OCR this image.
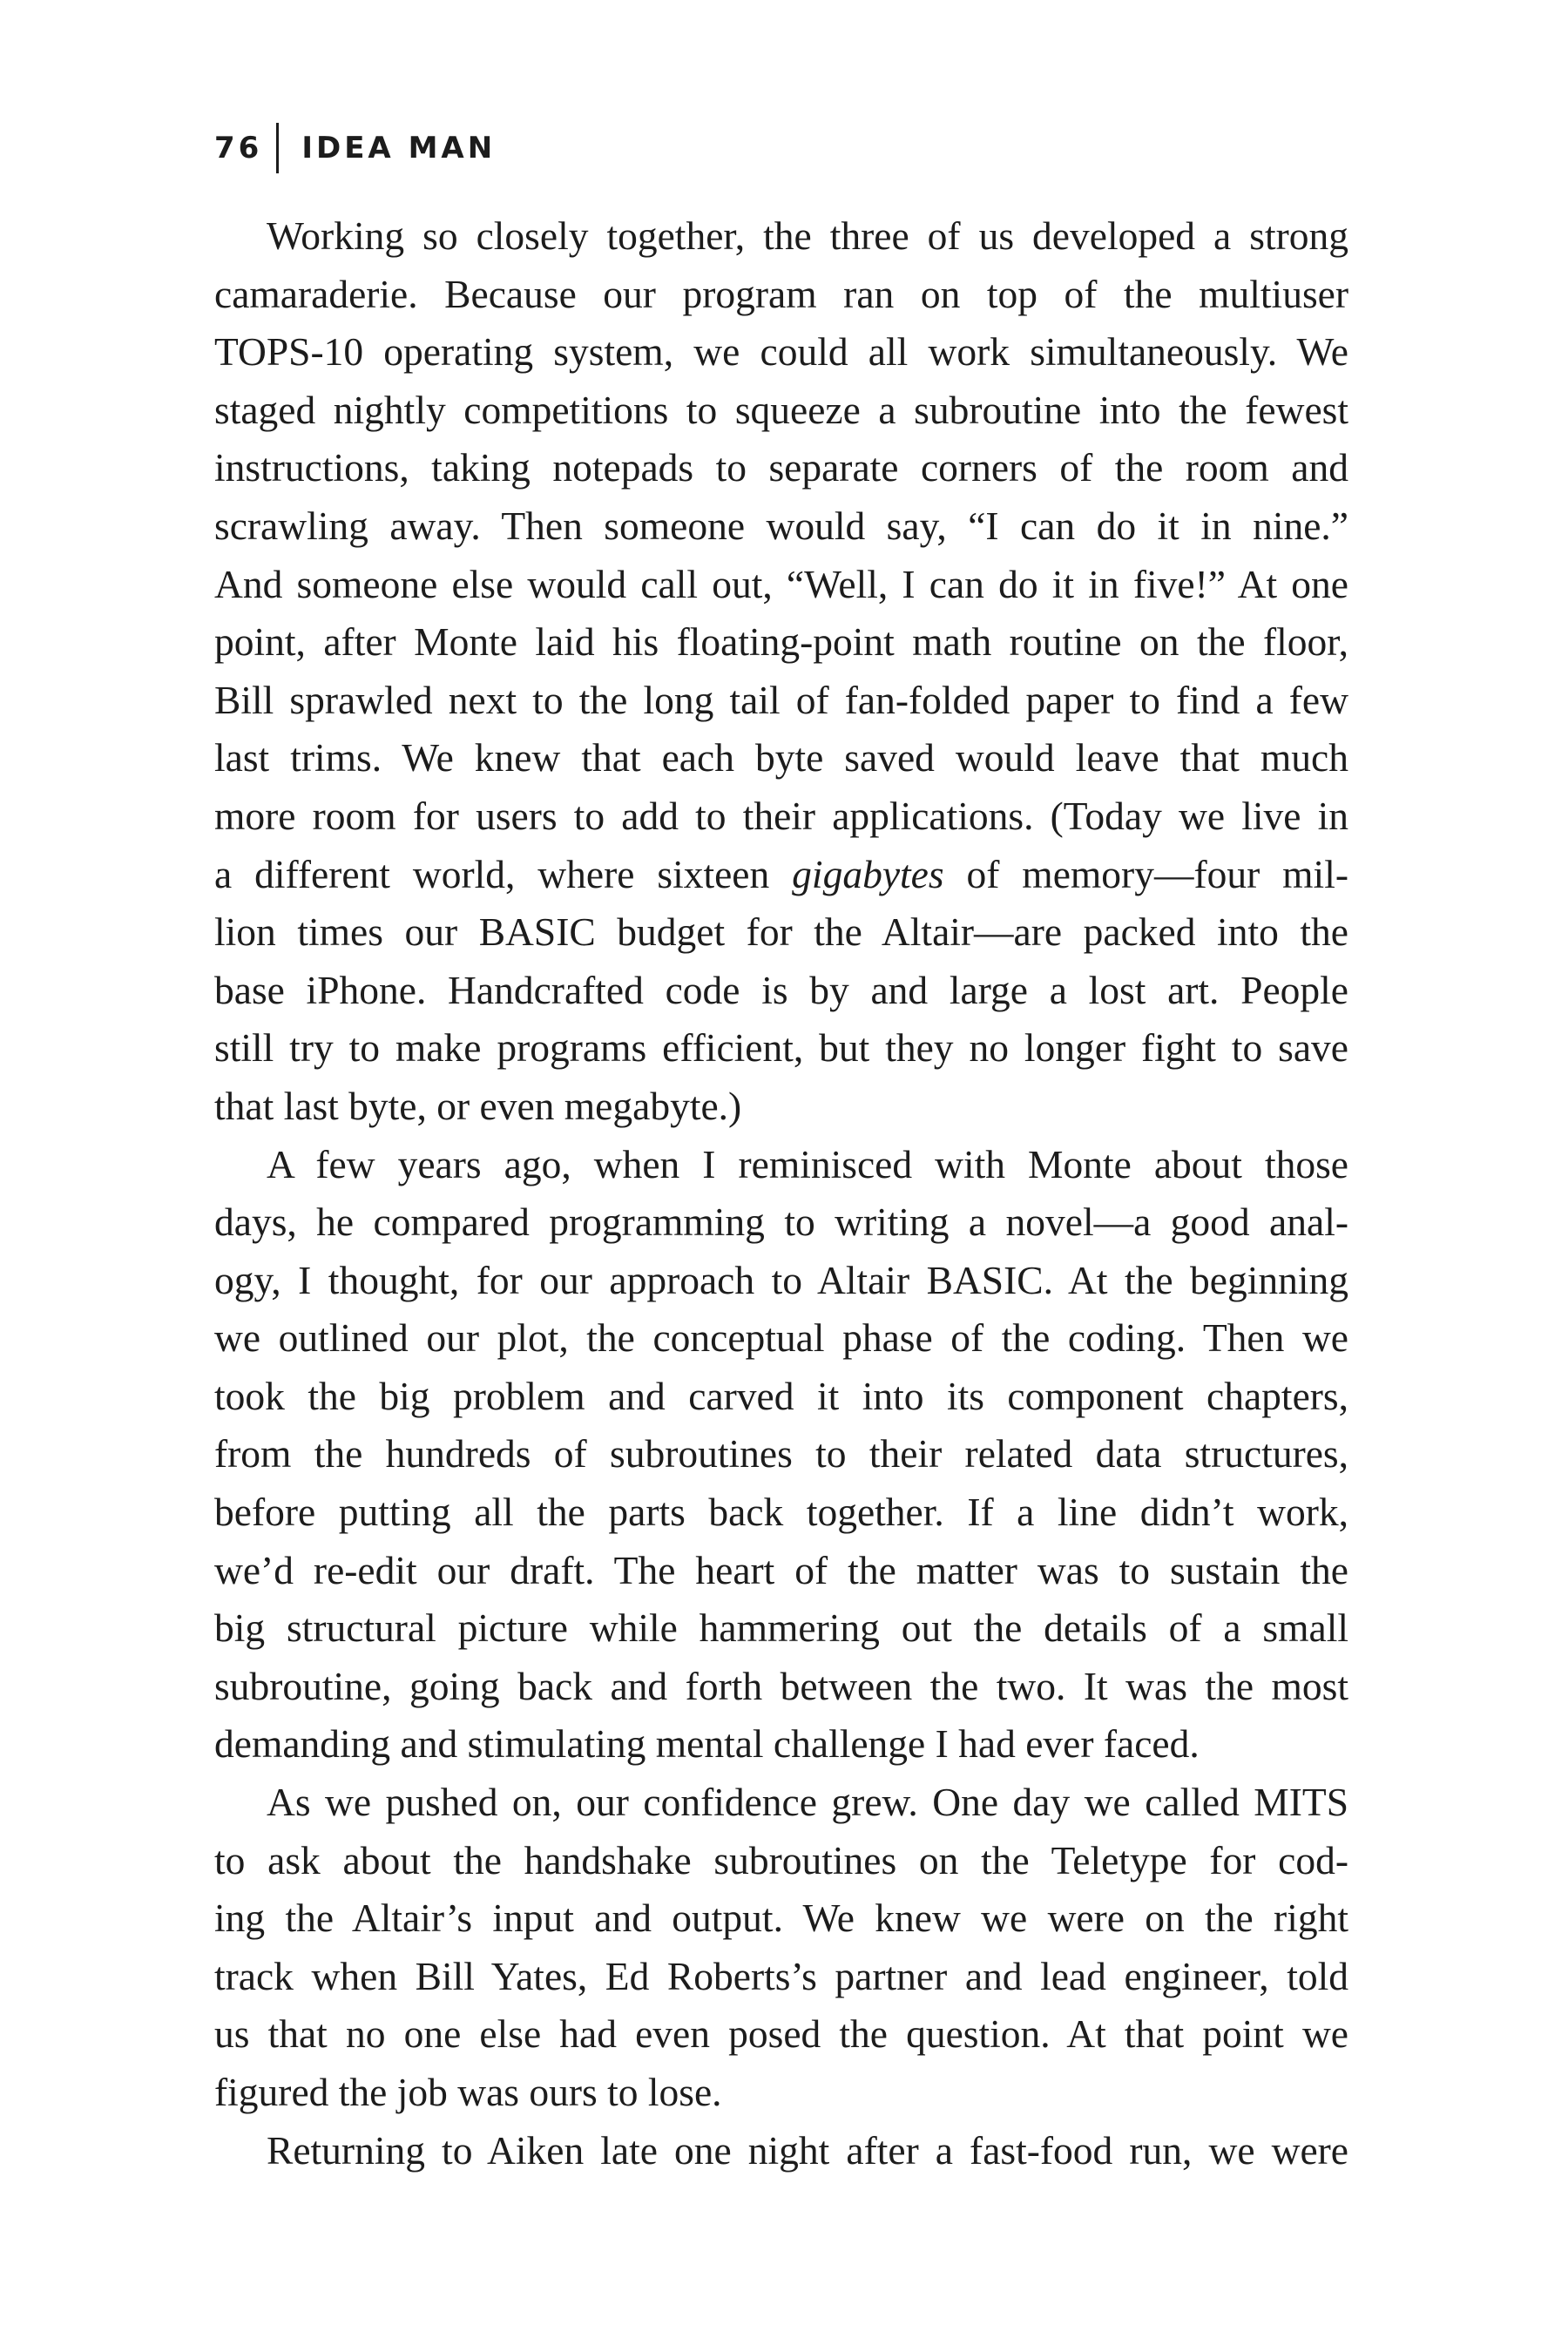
76 IDEA MAN
Working so closely together, the three of us developed a strong
camaraderie. Because our program ran on top of the multiuser
TOPS-10 operating system, we could all work simultaneously. We
staged nightly competitions to squeeze a subroutine into the fewest
instructions, taking notepads to separate corners of the room and
scrawling away. Then someone would say, “I can do it in nine.”
And someone else would call out, “Well, I can do it in five!” At one
point, after Monte laid his floating-point math routine on the floor,
Bill sprawled next to the long tail of fan-folded paper to find a few
last trims. We knew that each byte saved would leave that much
more room for users to add to their applications. (Today we live in
a different world, where sixteen gigabytes of memory—four mil-
lion times our BASIC budget for the Altair—are packed into the
base iPhone. Handcrafted code is by and large a lost art. People
still try to make programs efficient, but they no longer fight to save
that last byte, or even megabyte.)
A few years ago, when I reminisced with Monte about those
days, he compared programming to writing a novel—a good anal-
ogy, I thought, for our approach to Altair BASIC. At the beginning
we outlined our plot, the conceptual phase of the coding. Then we
took the big problem and carved it into its component chapters,
from the hundreds of subroutines to their related data structures,
before putting all the parts back together. If a line didn’t work,
we’d re-edit our draft. The heart of the matter was to sustain the
big structural picture while hammering out the details of a small
subroutine, going back and forth between the two. It was the most
demanding and stimulating mental challenge I had ever faced.
As we pushed on, our confidence grew. One day we called MITS
to ask about the handshake subroutines on the Teletype for cod-
ing the Altair’s input and output. We knew we were on the right
track when Bill Yates, Ed Roberts’s partner and lead engineer, told
us that no one else had even posed the question. At that point we
figured the job was ours to lose.
Returning to Aiken late one night after a fast-food run, we were
